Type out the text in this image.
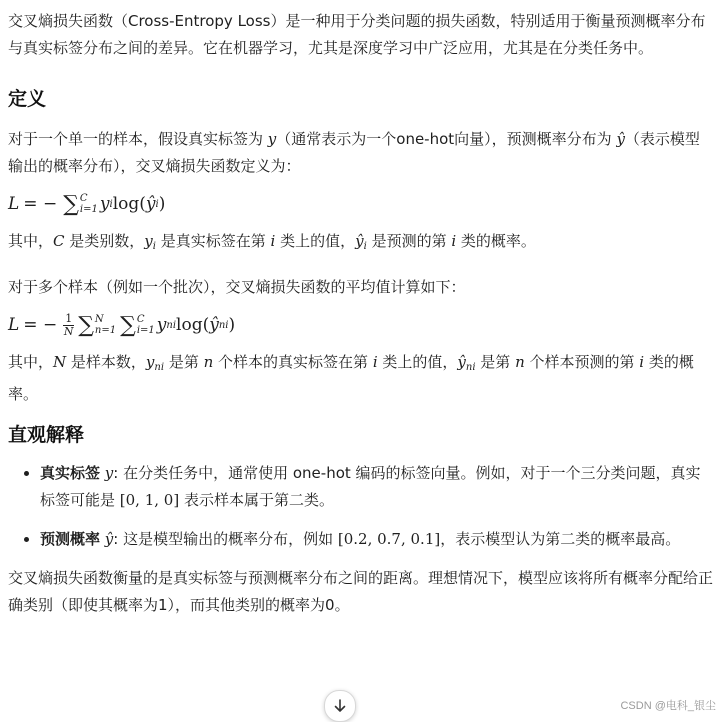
交叉熵损失函数（Cross-Entropy Loss）是一种用于分类问题的损失函数，特别适用于衡量预测概率分布与真实标签分布之间的差异。它在机器学习，尤其是深度学习中广泛应用，尤其是在分类任务中。

定义

对于一个单一的样本，假设真实标签为 y（通常表示为一个one-hot向量），预测概率分布为 ŷ（表示模型输出的概率分布），交叉熵损失函数定义为：

L = − ∑ C
i=1 y i log( ŷ i )

其中，C 是类别数，$y_i$ 是真实标签在第 i 类上的值，$ŷ_i$ 是预测的第 i 类的概率。

对于多个样本（例如一个批次），交叉熵损失函数的平均值计算如下：

L = − $\frac{1}{N}$ ∑ N
n=1 ∑ C
i=1 y ni log( ŷ ni )

其中，N 是样本数，$y_{ni}$ 是第 n 个样本的真实标签在第 i 类上的值，$ŷ_{ni}$ 是第 n 个样本预测的第 i 类的概率。

直观解释
• 真实标签 y: 在分类任务中，通常使用 one-hot 编码的标签向量。例如，对于一个三分类问题，真实标签可能是 [0, 1, 0] 表示样本属于第二类。
• 预测概率 ŷ: 这是模型输出的概率分布，例如 [0.2, 0.7, 0.1]，表示模型认为第二类的概率最高。

交叉熵损失函数衡量的是真实标签与预测概率分布之间的距离。理想情况下，模型应该将所有概率分配给正确类别（即使其概率为1），而其他类别的概率为0。

CSDN @电科_银尘
